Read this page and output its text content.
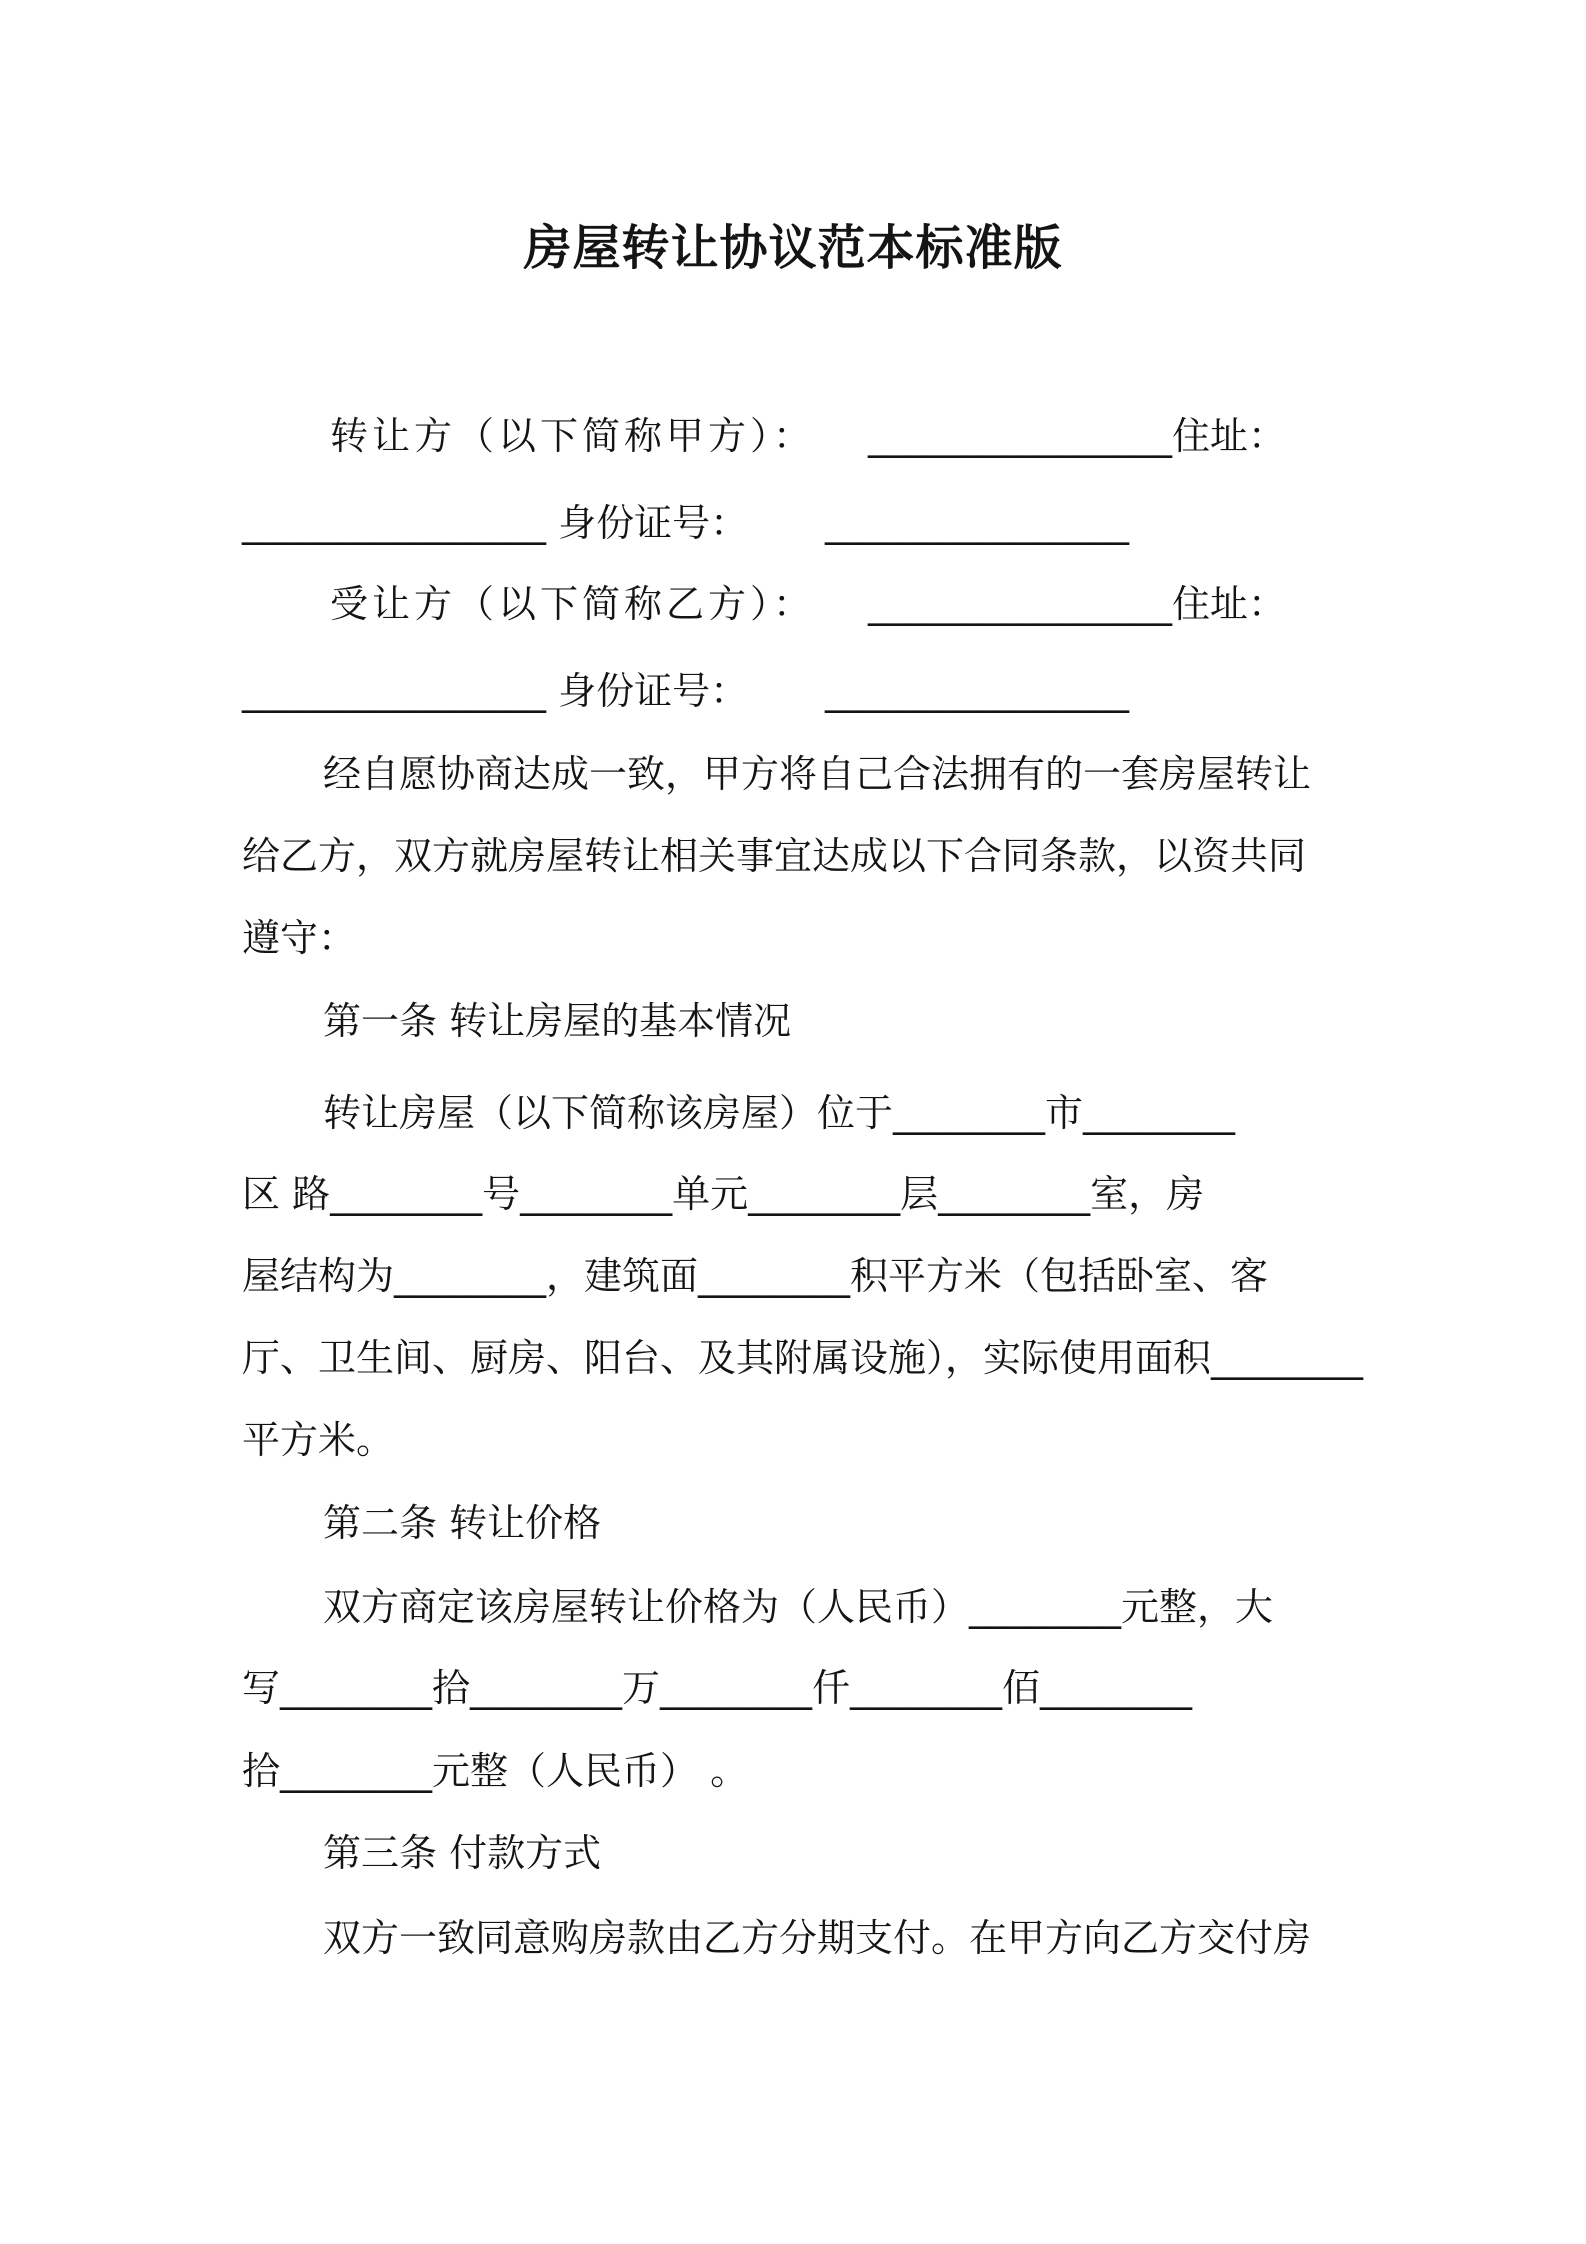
房屋转让协议范本标准版
转让方（以下简称甲方）： ________________住址：
________________ 身份证号： ________________
受让方（以下简称乙方）： ________________住址：
________________ 身份证号： ________________
经自愿协商达成一致，甲方将自己合法拥有的一套房屋转让
给乙方，双方就房屋转让相关事宜达成以下合同条款，以资共同
遵守：
第一条 转让房屋的基本情况
转让房屋（以下简称该房屋）位于________市________
区 路________号________单元________层________室，房
屋结构为________，建筑面________积平方米（包括卧室、客
厅、卫生间、厨房、阳台、及其附属设施），实际使用面积________
平方米。
第二条 转让价格
双方商定该房屋转让价格为（人民币）________元整，大
写________拾________万________仟________佰________
拾________元整（人民币） 。
第三条 付款方式
双方一致同意购房款由乙方分期支付。在甲方向乙方交付房
